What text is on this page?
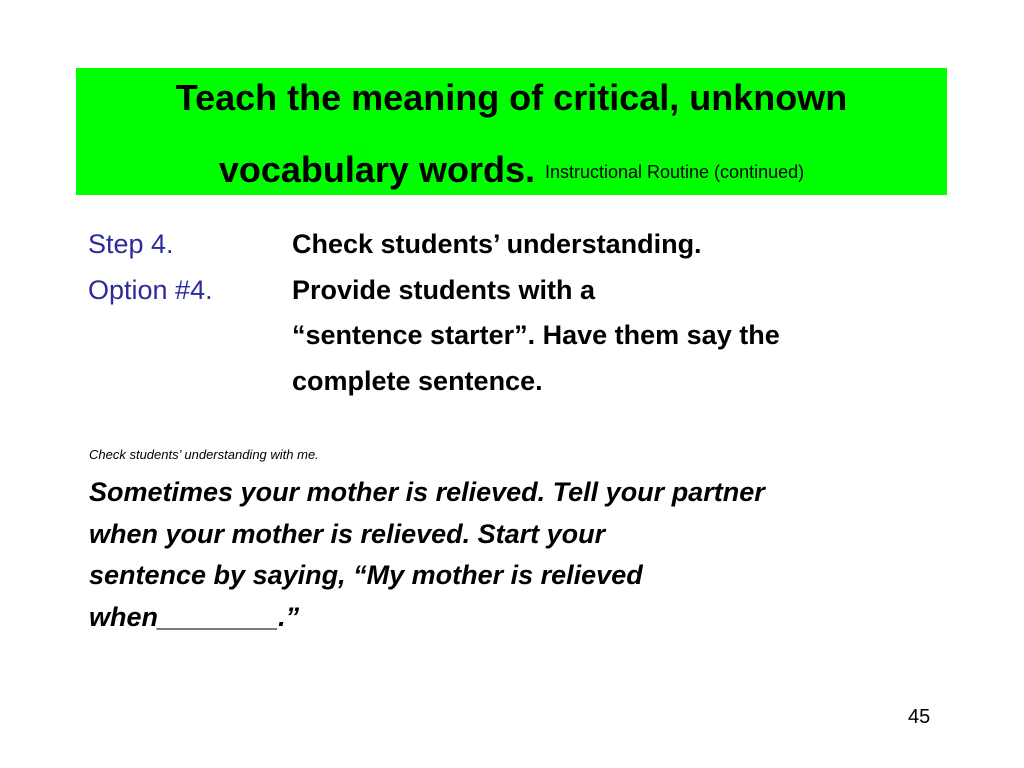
Teach the meaning of critical, unknown
vocabulary words. Instructional Routine (continued)
Step 4.	Check students’ understanding.
Option #4.	Provide students with a
“sentence starter”. Have them say the
complete sentence.
Check students’ understanding with me.
Sometimes your mother is relieved. Tell your partner
when your mother is relieved. Start your
sentence by saying, “My mother is relieved
when________.”
45
